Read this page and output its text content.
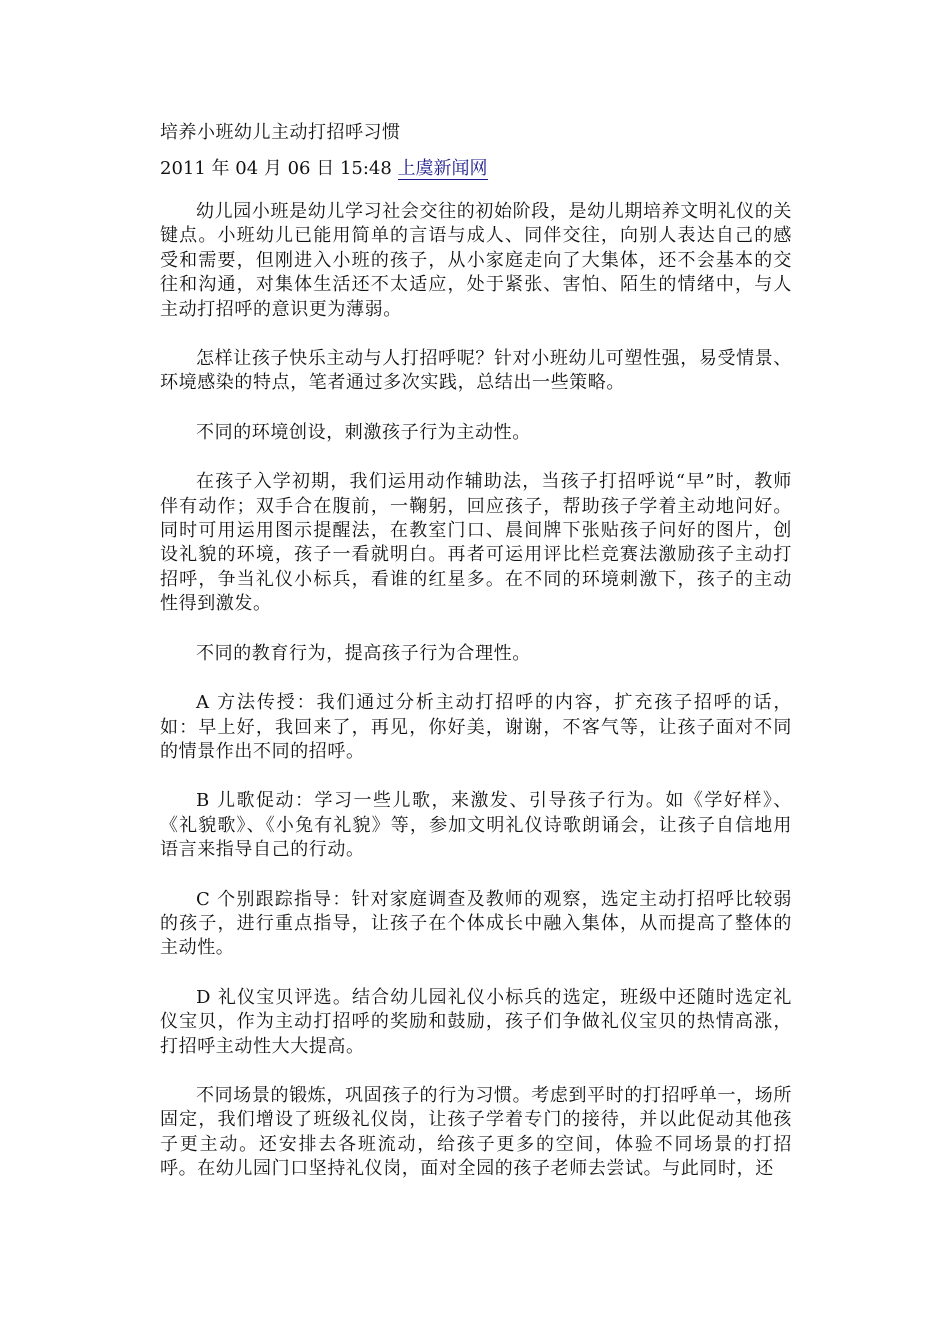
培养小班幼儿主动打招呼习惯
2011 年 04 月 06 日 15:48 上虞新闻网

幼儿园小班是幼儿学习社会交往的初始阶段，是幼儿期培养文明礼仪的关键点。小班幼儿已能用简单的言语与成人、同伴交往，向别人表达自己的感受和需要，但刚进入小班的孩子，从小家庭走向了大集体，还不会基本的交往和沟通，对集体生活还不太适应，处于紧张、害怕、陌生的情绪中，与人主动打招呼的意识更为薄弱。

怎样让孩子快乐主动与人打招呼呢？针对小班幼儿可塑性强，易受情景、环境感染的特点，笔者通过多次实践，总结出一些策略。

不同的环境创设，刺激孩子行为主动性。

在孩子入学初期，我们运用动作辅助法，当孩子打招呼说“早”时，教师伴有动作；双手合在腹前，一鞠躬，回应孩子，帮助孩子学着主动地问好。同时可用运用图示提醒法，在教室门口、晨间牌下张贴孩子问好的图片，创设礼貌的环境，孩子一看就明白。再者可运用评比栏竞赛法激励孩子主动打招呼，争当礼仪小标兵，看谁的红星多。在不同的环境刺激下，孩子的主动性得到激发。

不同的教育行为，提高孩子行为合理性。

A 方法传授：我们通过分析主动打招呼的内容，扩充孩子招呼的话，如：早上好，我回来了，再见，你好美，谢谢，不客气等，让孩子面对不同的情景作出不同的招呼。

B 儿歌促动：学习一些儿歌，来激发、引导孩子行为。如《学好样》、《礼貌歌》、《小兔有礼貌》等，参加文明礼仪诗歌朗诵会，让孩子自信地用语言来指导自己的行动。

C 个别跟踪指导：针对家庭调查及教师的观察，选定主动打招呼比较弱的孩子，进行重点指导，让孩子在个体成长中融入集体，从而提高了整体的主动性。

D 礼仪宝贝评选。结合幼儿园礼仪小标兵的选定，班级中还随时选定礼仪宝贝，作为主动打招呼的奖励和鼓励，孩子们争做礼仪宝贝的热情高涨，打招呼主动性大大提高。

不同场景的锻炼，巩固孩子的行为习惯。考虑到平时的打招呼单一，场所固定，我们增设了班级礼仪岗，让孩子学着专门的接待，并以此促动其他孩子更主动。还安排去各班流动，给孩子更多的空间，体验不同场景的打招呼。在幼儿园门口坚持礼仪岗，面对全园的孩子老师去尝试。与此同时，还
